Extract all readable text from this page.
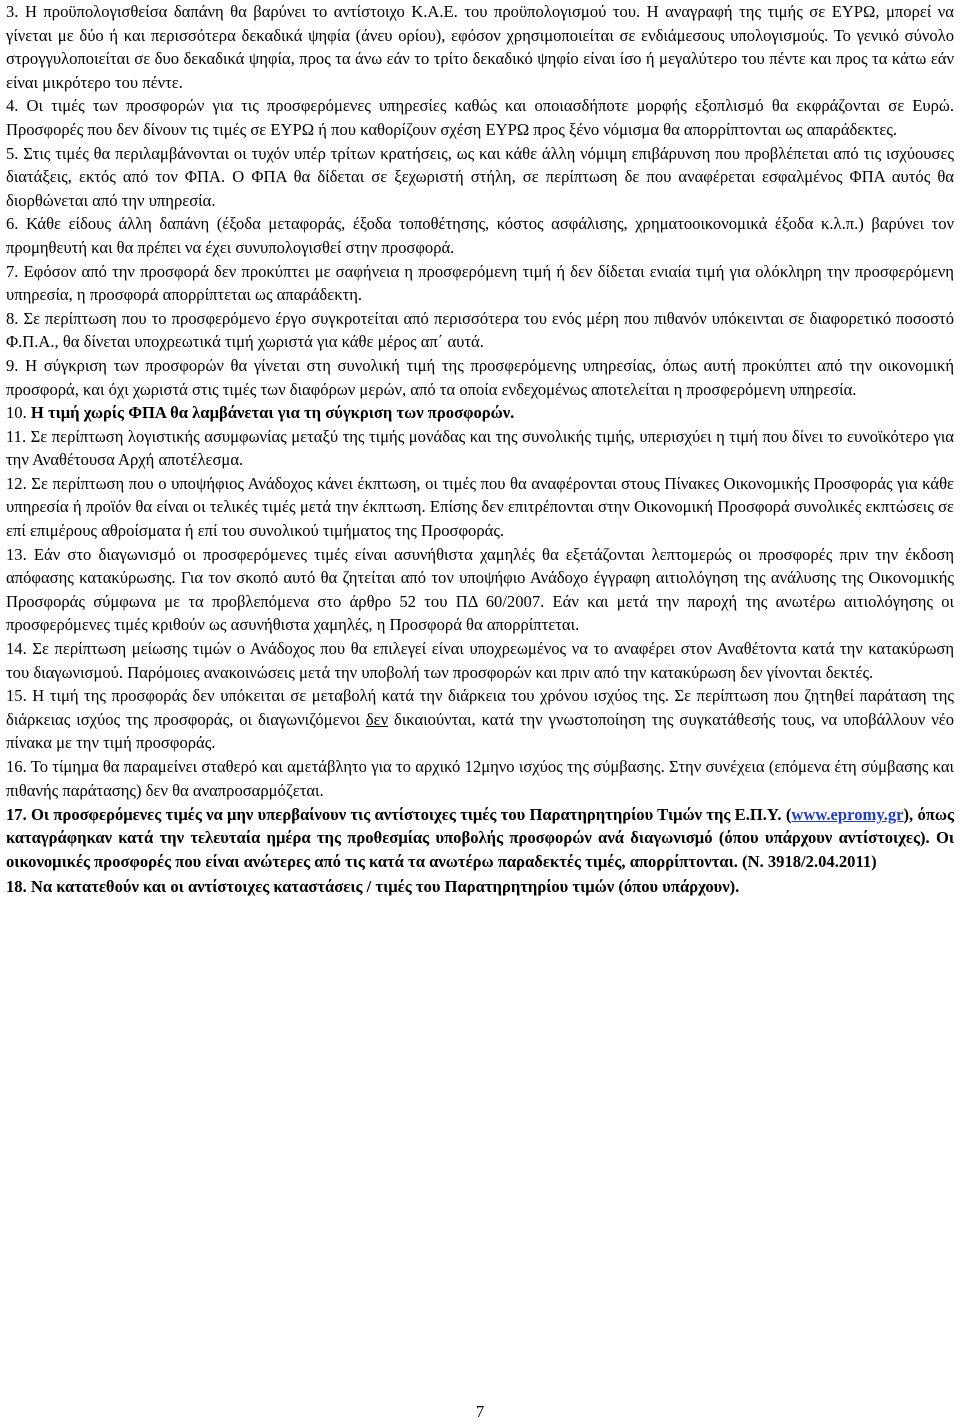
3. Η προϋπολογισθείσα δαπάνη θα βαρύνει το αντίστοιχο Κ.Α.Ε. του προϋπολογισμού του. Η αναγραφή της τιμής σε ΕΥΡΩ, μπορεί να γίνεται με δύο ή και περισσότερα δεκαδικά ψηφία (άνευ ορίου), εφόσον χρησιμοποιείται σε ενδιάμεσους υπολογισμούς. Το γενικό σύνολο στρογγυλοποιείται σε δυο δεκαδικά ψηφία, προς τα άνω εάν το τρίτο δεκαδικό ψηφίο είναι ίσο ή μεγαλύτερο του πέντε και προς τα κάτω εάν είναι μικρότερο του πέντε.

4. Οι τιμές των προσφορών για τις προσφερόμενες υπηρεσίες καθώς και οποιασδήποτε μορφής εξοπλισμό θα εκφράζονται σε Ευρώ. Προσφορές που δεν δίνουν τις τιμές σε ΕΥΡΩ ή που καθορίζουν σχέση ΕΥΡΩ προς ξένο νόμισμα θα απορρίπτονται ως απαράδεκτες.

5. Στις τιμές θα περιλαμβάνονται οι τυχόν υπέρ τρίτων κρατήσεις, ως και κάθε άλλη νόμιμη επιβάρυνση που προβλέπεται από τις ισχύουσες διατάξεις, εκτός από τον ΦΠΑ. Ο ΦΠΑ θα δίδεται σε ξεχωριστή στήλη, σε περίπτωση δε που αναφέρεται εσφαλμένος ΦΠΑ αυτός θα διορθώνεται από την υπηρεσία.

6. Κάθε είδους άλλη δαπάνη (έξοδα μεταφοράς, έξοδα τοποθέτησης, κόστος ασφάλισης, χρηματοοικονομικά έξοδα κ.λ.π.) βαρύνει τον προμηθευτή και θα πρέπει να έχει συνυπολογισθεί στην προσφορά.

7. Εφόσον από την προσφορά δεν προκύπτει με σαφήνεια η προσφερόμενη τιμή ή δεν δίδεται ενιαία τιμή για ολόκληρη την προσφερόμενη υπηρεσία, η προσφορά απορρίπτεται ως απαράδεκτη.

8. Σε περίπτωση που το προσφερόμενο έργο συγκροτείται από περισσότερα του ενός μέρη που πιθανόν υπόκεινται σε διαφορετικό ποσοστό Φ.Π.Α., θα δίνεται υποχρεωτικά τιμή χωριστά για κάθε μέρος απ΄ αυτά.

9. Η σύγκριση των προσφορών θα γίνεται στη συνολική τιμή της προσφερόμενης υπηρεσίας, όπως αυτή προκύπτει από την οικονομική προσφορά, και όχι χωριστά στις τιμές των διαφόρων μερών, από τα οποία ενδεχομένως αποτελείται η προσφερόμενη υπηρεσία.

10. Η τιμή χωρίς ΦΠΑ θα λαμβάνεται για τη σύγκριση των προσφορών.

11. Σε περίπτωση λογιστικής ασυμφωνίας μεταξύ της τιμής μονάδας και της συνολικής τιμής, υπερισχύει η τιμή που δίνει το ευνοϊκότερο για την Αναθέτουσα Αρχή αποτέλεσμα.

12. Σε περίπτωση που ο υποψήφιος Ανάδοχος κάνει έκπτωση, οι τιμές που θα αναφέρονται στους Πίνακες Οικονομικής Προσφοράς για κάθε υπηρεσία ή προϊόν θα είναι οι τελικές τιμές μετά την έκπτωση. Επίσης δεν επιτρέπονται στην Οικονομική Προσφορά συνολικές εκπτώσεις σε επί επιμέρους αθροίσματα ή επί του συνολικού τιμήματος της Προσφοράς.

13. Εάν στο διαγωνισμό οι προσφερόμενες τιμές είναι ασυνήθιστα χαμηλές θα εξετάζονται λεπτομερώς οι προσφορές πριν την έκδοση απόφασης κατακύρωσης. Για τον σκοπό αυτό θα ζητείται από τον υποψήφιο Ανάδοχο έγγραφη αιτιολόγηση της ανάλυσης της Οικονομικής Προσφοράς σύμφωνα με τα προβλεπόμενα στο άρθρο 52 του ΠΔ 60/2007. Εάν και μετά την παροχή της ανωτέρω αιτιολόγησης οι προσφερόμενες τιμές κριθούν ως ασυνήθιστα χαμηλές, η Προσφορά θα απορρίπτεται.

14. Σε περίπτωση μείωσης τιμών ο Ανάδοχος που θα επιλεγεί είναι υποχρεωμένος να το αναφέρει στον Αναθέτοντα κατά την κατακύρωση του διαγωνισμού. Παρόμοιες ανακοινώσεις μετά την υποβολή των προσφορών και πριν από την κατακύρωση δεν γίνονται δεκτές.

15. Η τιμή της προσφοράς δεν υπόκειται σε μεταβολή κατά την διάρκεια του χρόνου ισχύος της. Σε περίπτωση που ζητηθεί παράταση της διάρκειας ισχύος της προσφοράς, οι διαγωνιζόμενοι δεν δικαιούνται, κατά την γνωστοποίηση της συγκατάθεσής τους, να υποβάλλουν νέο πίνακα με την τιμή προσφοράς.

16. Το τίμημα θα παραμείνει σταθερό και αμετάβλητο για το αρχικό 12μηνο ισχύος της σύμβασης. Στην συνέχεια (επόμενα έτη σύμβασης και πιθανής παράτασης) δεν θα αναπροσαρμόζεται.

17. Οι προσφερόμενες τιμές να μην υπερβαίνουν τις αντίστοιχες τιμές του Παρατηρητηρίου Τιμών της Ε.Π.Υ. (www.epromy.gr), όπως καταγράφηκαν κατά την τελευταία ημέρα της προθεσμίας υποβολής προσφορών ανά διαγωνισμό (όπου υπάρχουν αντίστοιχες). Οι οικονομικές προσφορές που είναι ανώτερες από τις κατά τα ανωτέρω παραδεκτές τιμές, απορρίπτονται. (Ν. 3918/2.04.2011)

18. Να κατατεθούν και οι αντίστοιχες καταστάσεις / τιμές του Παρατηρητηρίου τιμών (όπου υπάρχουν).

7
